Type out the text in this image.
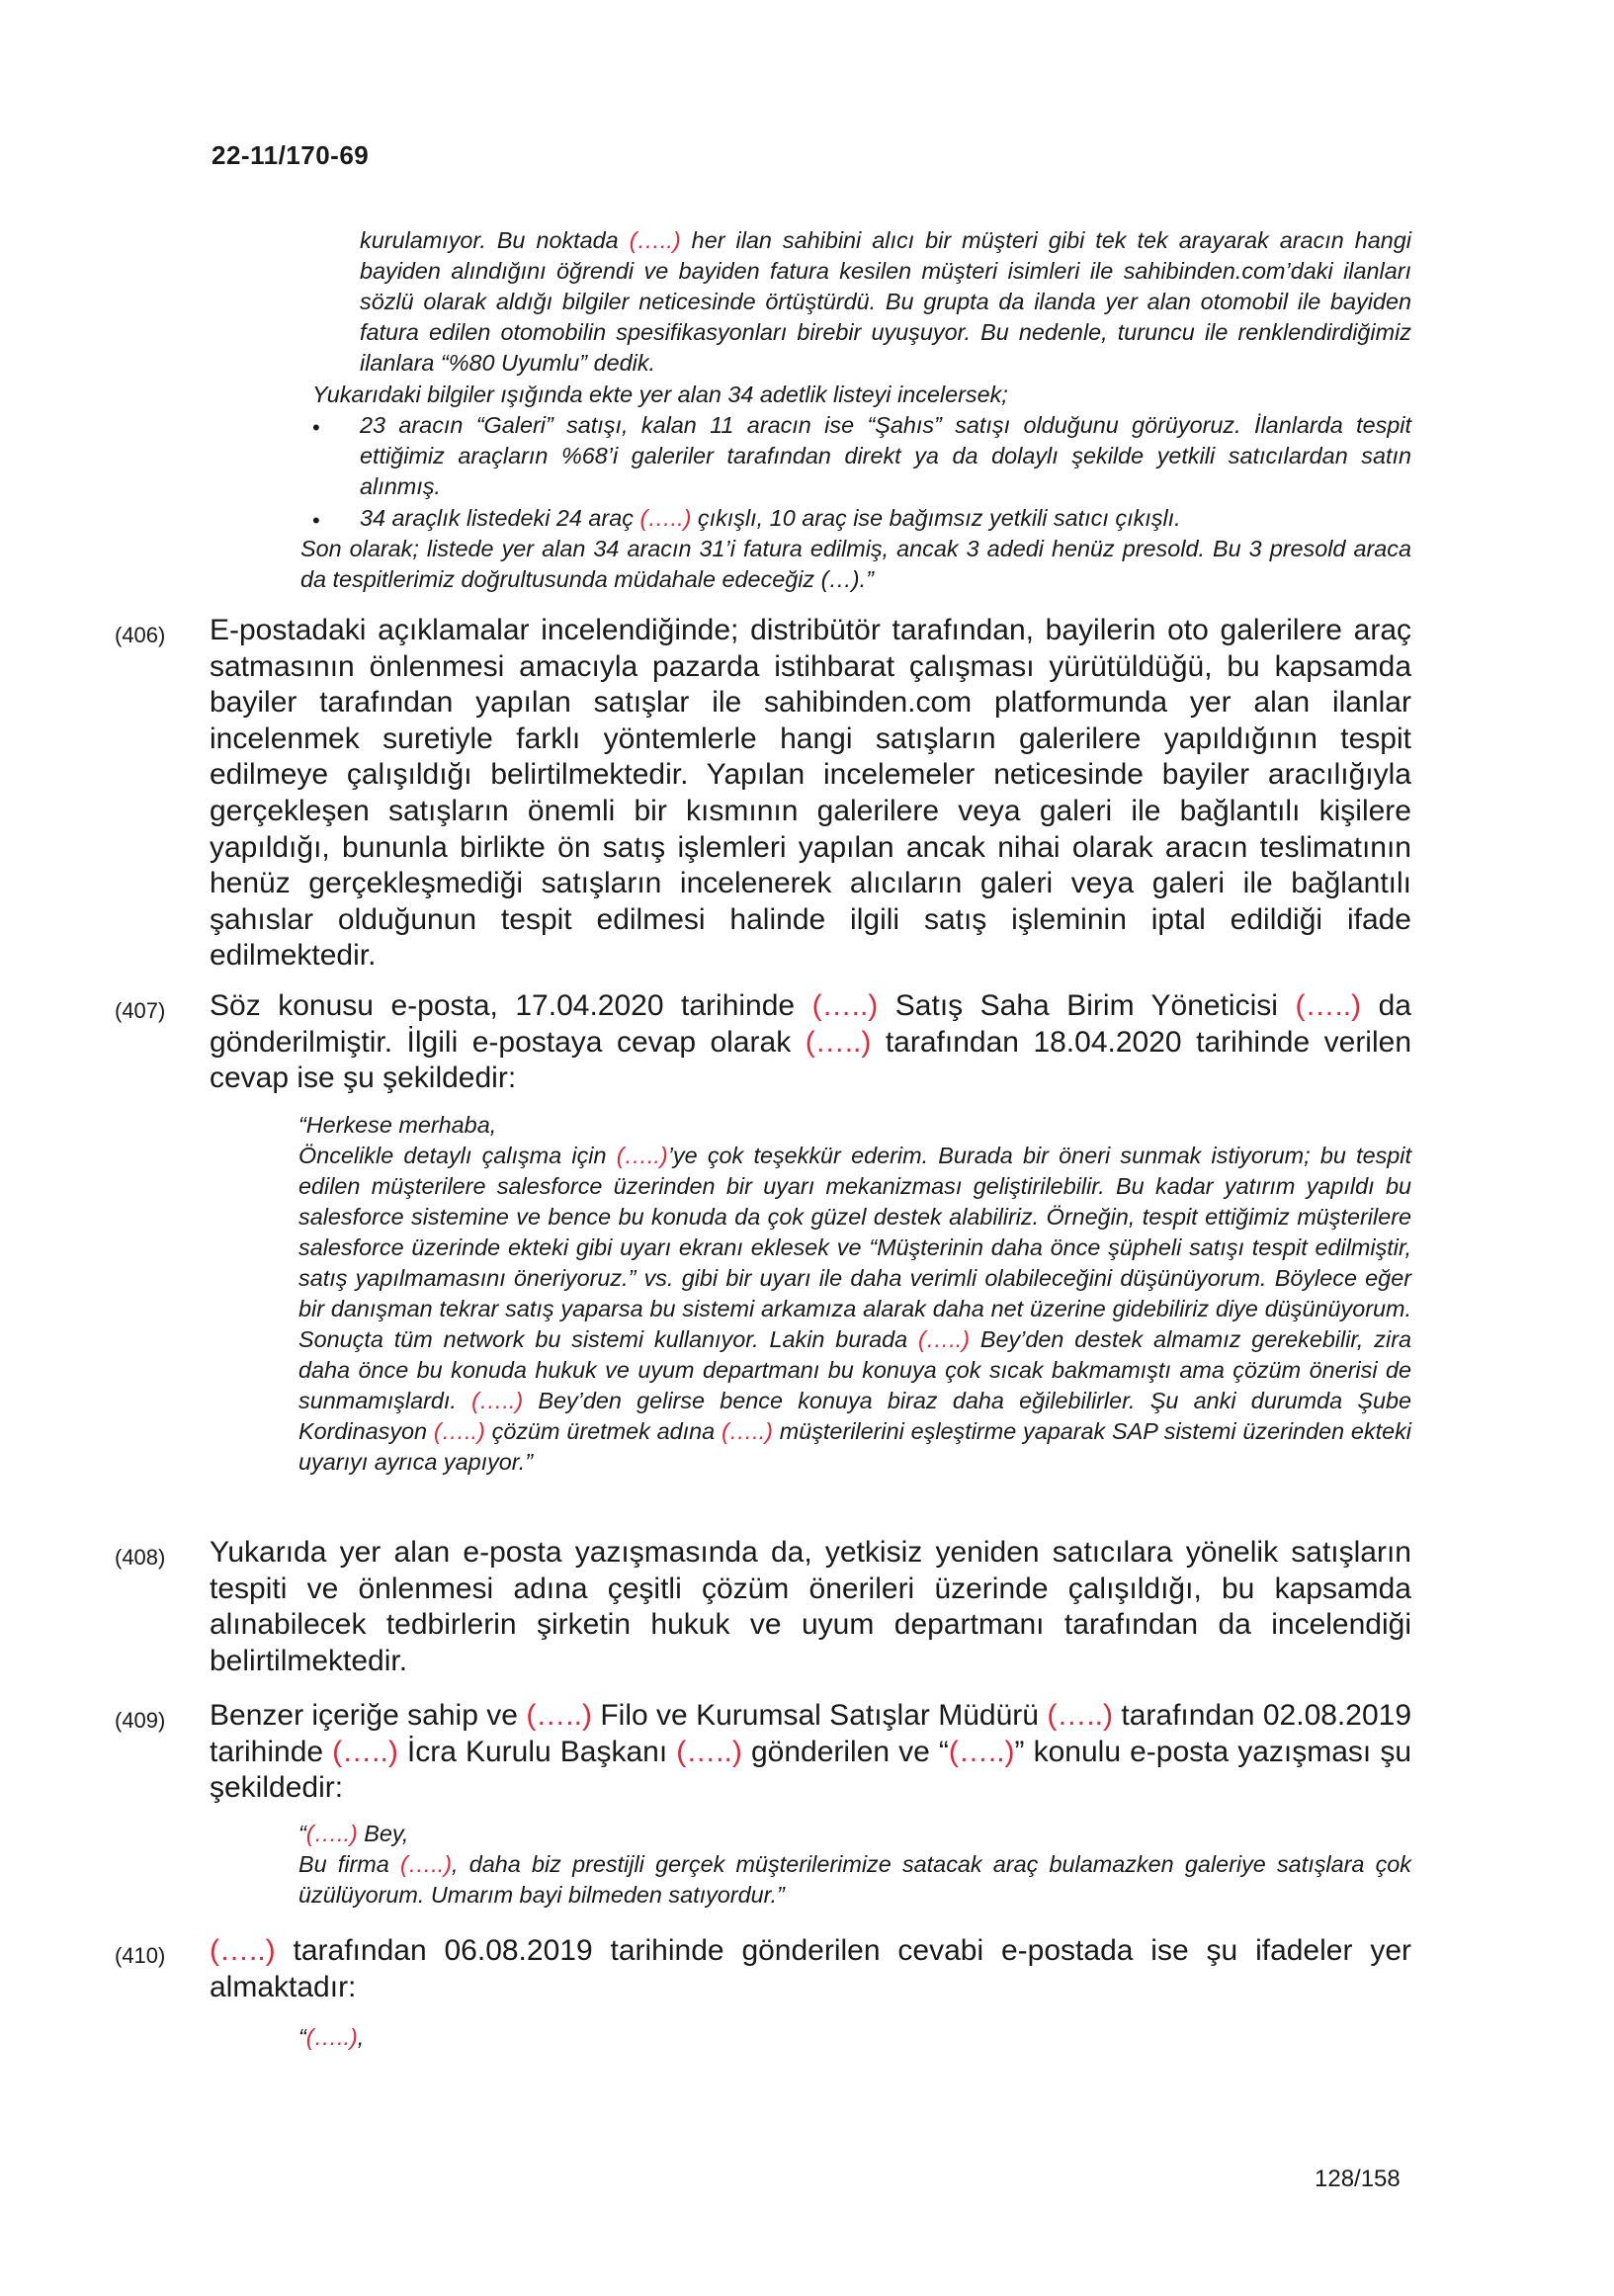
22-11/170-69
kurulamıyor. Bu noktada (…..) her ilan sahibini alıcı bir müşteri gibi tek tek arayarak aracın hangi bayiden alındığını öğrendi ve bayiden fatura kesilen müşteri isimleri ile sahibinden.com’daki ilanları sözlü olarak aldığı bilgiler neticesinde örtüştürdü. Bu grupta da ilanda yer alan otomobil ile bayiden fatura edilen otomobilin spesifikasyonları birebir uyuşuyor. Bu nedenle, turuncu ile renklendirdiğimiz ilanlara “%80 Uyumlu” dedik.
Yukarıdaki bilgiler ışığında ekte yer alan 34 adetlik listeyi incelersek;
•	23 aracın “Galeri” satışı, kalan 11 aracın ise “Şahıs” satışı olduğunu görüyoruz. İlanlarda tespit ettiğimiz araçların %68’i galeriler tarafından direkt ya da dolaylı şekilde yetkili satıcılardan satın alınmış.
•	34 araçlık listedeki 24 araç (…..) çıkışlı, 10 araç ise bağımsız yetkili satıcı çıkışlı.
Son olarak; listede yer alan 34 aracın 31’i fatura edilmiş, ancak 3 adedi henüz presold. Bu 3 presold araca da tespitlerimiz doğrultusunda müdahale edeceğiz (…).”
(406) E-postadaki açıklamalar incelendiğinde; distribütör tarafından, bayilerin oto galerilere araç satmasının önlenmesi amacıyla pazarda istihbarat çalışması yürütüldüğü, bu kapsamda bayiler tarafından yapılan satışlar ile sahibinden.com platformunda yer alan ilanlar incelenmek suretiyle farklı yöntemlerle hangi satışların galerilere yapıldığının tespit edilmeye çalışıldığı belirtilmektedir. Yapılan incelemeler neticesinde bayiler aracılığıyla gerçekleşen satışların önemli bir kısmının galerilere veya galeri ile bağlantılı kişilere yapıldığı, bununla birlikte ön satış işlemleri yapılan ancak nihai olarak aracın teslimatının henüz gerçekleşmediği satışların incelenerek alıcıların galeri veya galeri ile bağlantılı şahıslar olduğunun tespit edilmesi halinde ilgili satış işleminin iptal edildiği ifade edilmektedir.
(407) Söz konusu e-posta, 17.04.2020 tarihinde (…..) Satış Saha Birim Yöneticisi (…..) da gönderilmiştir. İlgili e-postaya cevap olarak (…..) tarafından 18.04.2020 tarihinde verilen cevap ise şu şekildedir:
“Herkese merhaba,
Öncelikle detaylı çalışma için (…..)’ye çok teşekkür ederim. Burada bir öneri sunmak istiyorum; bu tespit edilen müşterilere salesforce üzerinden bir uyarı mekanizması geliştirilebilir. Bu kadar yatırım yapıldı bu salesforce sistemine ve bence bu konuda da çok güzel destek alabiliriz. Örneğin, tespit ettiğimiz müşterilere salesforce üzerinde ekteki gibi uyarı ekranı eklesek ve “Müşterinin daha önce şüpheli satışı tespit edilmiştir, satış yapılmamasını öneriyoruz.” vs. gibi bir uyarı ile daha verimli olabileceğini düşünüyorum. Böylece eğer bir danışman tekrar satış yaparsa bu sistemi arkamıza alarak daha net üzerine gidebiliriz diye düşünüyorum. Sonuçta tüm network bu sistemi kullanıyor. Lakin burada (…..) Bey’den destek almamız gerekebilir, zira daha önce bu konuda hukuk ve uyum departmanı bu konuya çok sıcak bakmamıştı ama çözüm önerisi de sunmamışlardı. (…..) Bey’den gelirse bence konuya biraz daha eğilebilirler. Şu anki durumda Şube Kordinasyon (…..) çözüm üretmek adına (…..) müşterilerini eşleştirme yaparak SAP sistemi üzerinden ekteki uyarıyı ayrıca yapıyor.”
(408) Yukarıda yer alan e-posta yazışmasında da, yetkisiz yeniden satıcılara yönelik satışların tespiti ve önlenmesi adına çeşitli çözüm önerileri üzerinde çalışıldığı, bu kapsamda alınabilecek tedbirlerin şirketin hukuk ve uyum departmanı tarafından da incelendiği belirtilmektedir.
(409) Benzer içeriğe sahip ve (…..) Filo ve Kurumsal Satışlar Müdürü (…..) tarafından 02.08.2019 tarihinde (…..) İcra Kurulu Başkanı (…..) gönderilen ve “(…..)” konulu e-posta yazışması şu şekildedir:
“(…..) Bey,
Bu firma (…..), daha biz prestijli gerçek müşterilerimize satacak araç bulamazken galeriye satışlara çok üzülüyorum. Umarım bayi bilmeden satıyordur.”
(410) (…..) tarafından 06.08.2019 tarihinde gönderilen cevabi e-postada ise şu ifadeler yer almaktadır:
“(…..),
128/158
